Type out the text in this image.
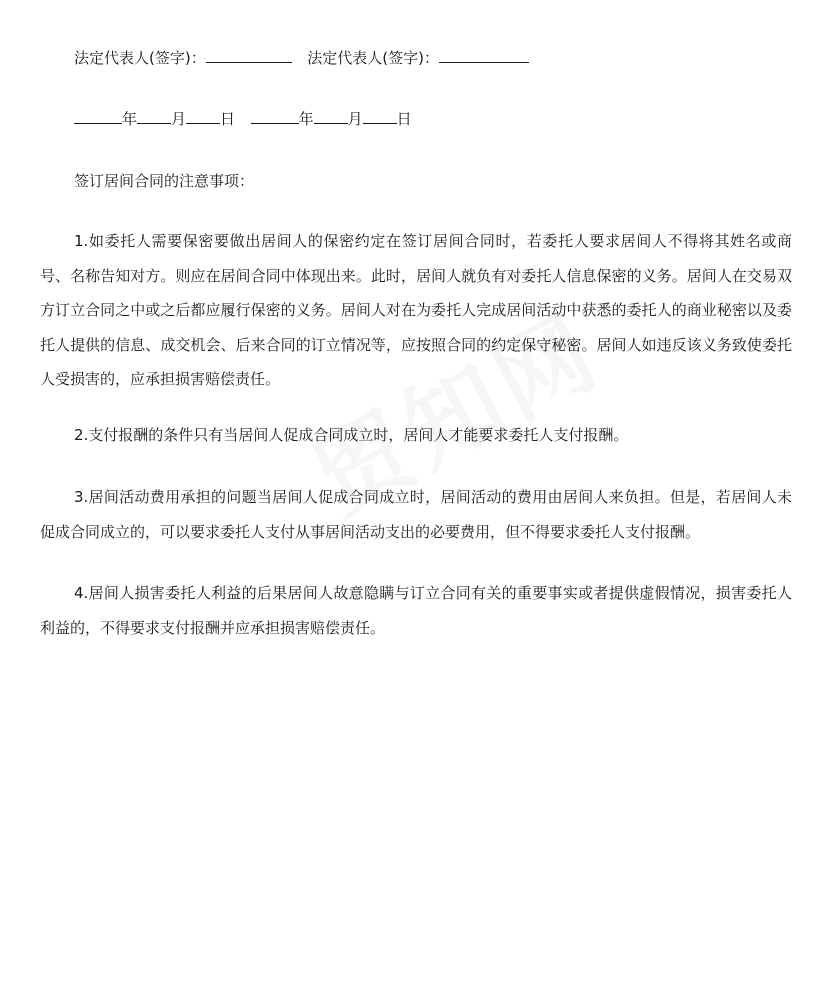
法定代表人(签字)：	法定代表人(签字)：
年 月 日	年 月 日
签订居间合同的注意事项：

1.如委托人需要保密要做出居间人的保密约定在签订居间合同时，若委托人要求居间人不得将其姓名或商号、名称告知对方。则应在居间合同中体现出来。此时，居间人就负有对委托人信息保密的义务。居间人在交易双方订立合同之中或之后都应履行保密的义务。居间人对在为委托人完成居间活动中获悉的委托人的商业秘密以及委托人提供的信息、成交机会、后来合同的订立情况等，应按照合同的约定保守秘密。居间人如违反该义务致使委托人受损害的，应承担损害赔偿责任。

2.支付报酬的条件只有当居间人促成合同成立时，居间人才能要求委托人支付报酬。

3.居间活动费用承担的问题当居间人促成合同成立时，居间活动的费用由居间人来负担。但是，若居间人未促成合同成立的，可以要求委托人支付从事居间活动支出的必要费用，但不得要求委托人支付报酬。

4.居间人损害委托人利益的后果居间人故意隐瞒与订立合同有关的重要事实或者提供虚假情况，损害委托人利益的，不得要求支付报酬并应承担损害赔偿责任。
